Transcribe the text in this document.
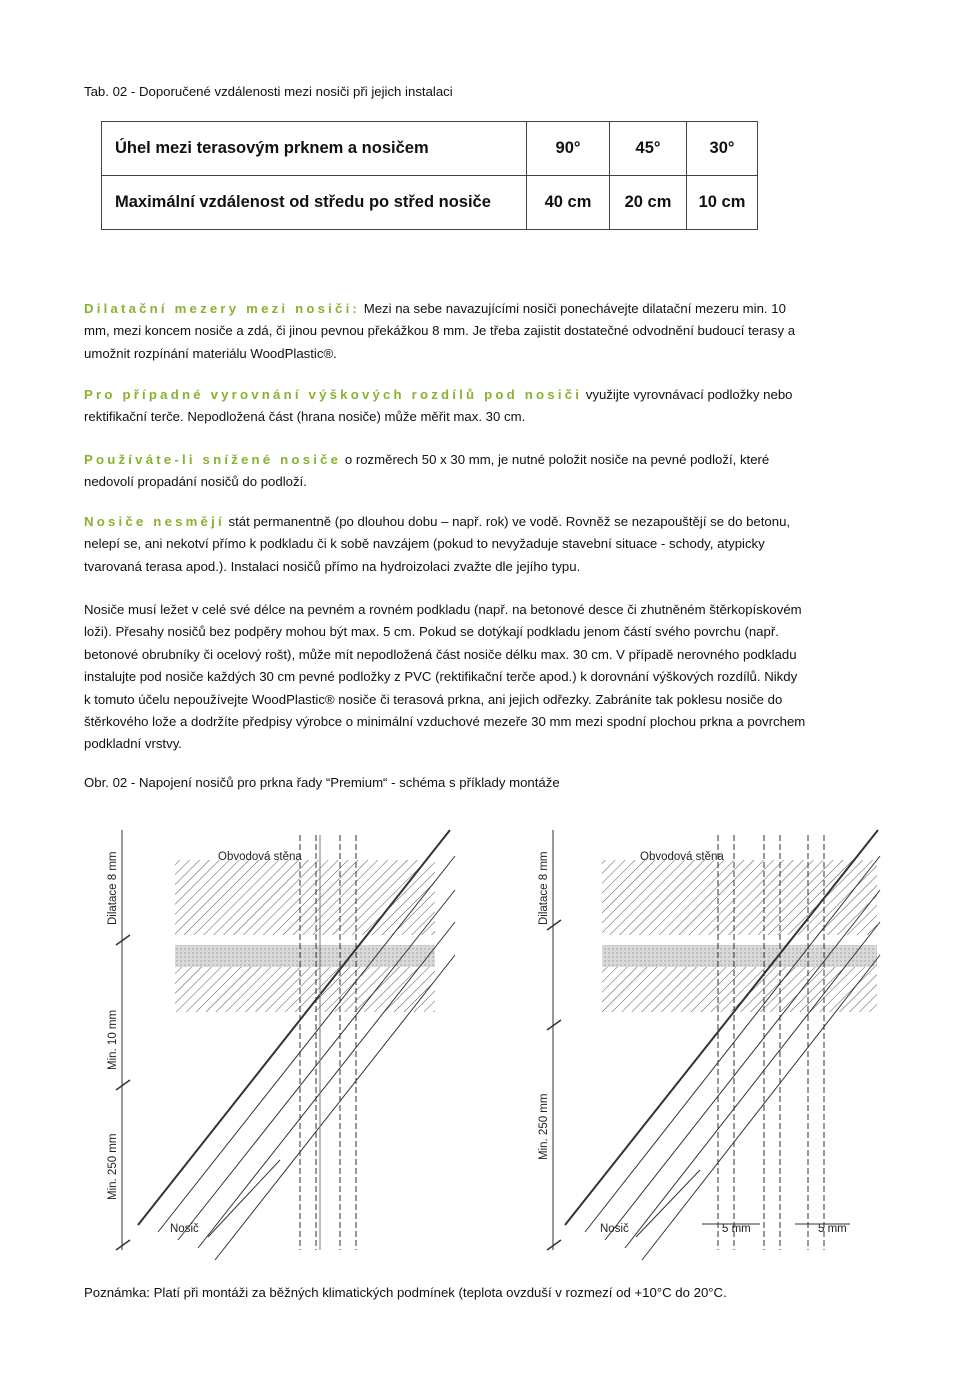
Tab. 02 - Doporučené vzdálenosti mezi nosiči při jejich instalaci
Úhel mezi terasovým prknem a nosičem	90°	45°	30°
Maximální vzdálenost od středu po střed nosiče	40 cm	20 cm	10 cm
Dilatační mezery mezi nosiči: Mezi na sebe navazujícími nosiči ponechávejte dilatační mezeru min. 10
mm, mezi koncem nosiče a zdá, či jinou pevnou překážkou 8 mm. Je třeba zajistit dostatečné odvodnění budoucí terasy a
umožnit rozpínání materiálu WoodPlastic®.
Pro případné vyrovnání výškových rozdílů pod nosiči využijte vyrovnávací podložky nebo
rektifikační terče. Nepodložená část (hrana nosiče) může měřit max. 30 cm.
Používáte-li snížené nosiče o rozměrech 50 x 30 mm, je nutné položit nosiče na pevné podloží, které
nedovolí propadání nosičů do podloží.
Nosiče nesmějí stát permanentně (po dlouhou dobu – např. rok) ve vodě. Rovněž se nezapouštějí se do betonu,
nelepí se, ani nekotví přímo k podkladu či k sobě navzájem (pokud to nevyžaduje stavební situace - schody, atypicky
tvarovaná terasa apod.). Instalaci nosičů přímo na hydroizolaci zvažte dle jejího typu.
Nosiče musí ležet v celé své délce na pevném a rovném podkladu (např. na betonové desce či zhutněném štěrkopískovém
loži). Přesahy nosičů bez podpěry mohou být max. 5 cm. Pokud se dotýkají podkladu jenom částí svého povrchu (např.
betonové obrubníky či ocelový rošt), může mít nepodložená část nosiče délku max. 30 cm. V případě nerovného podkladu
instalujte pod nosiče každých 30 cm pevné podložky z PVC (rektifikační terče apod.) k dorovnání výškových rozdílů. Nikdy
k tomuto účelu nepoužívejte WoodPlastic® nosiče či terasová prkna, ani jejich odřezky. Zabráníte tak poklesu nosiče do
štěrkového lože a dodržíte předpisy výrobce o minimální vzduchové mezeře 30 mm mezi spodní plochou prkna a povrchem
podkladní vrstvy.
Obr. 02 - Napojení nosičů pro prkna řady “Premium“ - schéma s příklady montáže
Obvodová stěna
Dilatace 8 mm
Min. 10 mm
Min. 250 mm
Nosič
Obvodová stěna
Dilatace 8 mm
Min. 250 mm
Nosič	5 mm	5 mm
Poznámka: Platí při montáži za běžných klimatických podmínek (teplota ovzduší v rozmezí od +10°C do 20°C.
